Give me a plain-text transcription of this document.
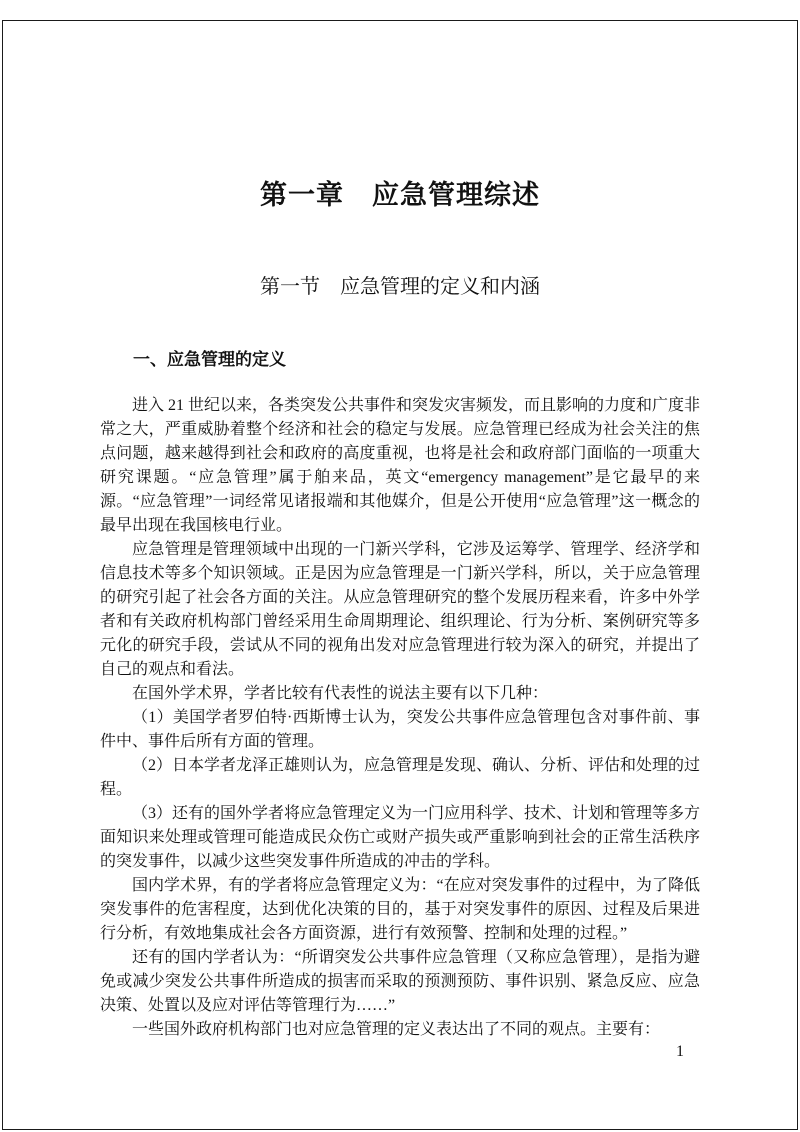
第一章　应急管理综述
第一节　应急管理的定义和内涵
一、应急管理的定义

进入 21 世纪以来，各类突发公共事件和突发灾害频发，而且影响的力度和广度非常之大，严重威胁着整个经济和社会的稳定与发展。应急管理已经成为社会关注的焦点问题，越来越得到社会和政府的高度重视，也将是社会和政府部门面临的一项重大研究课题。“应急管理”属于舶来品，英文“emergency management”是它最早的来源。“应急管理”一词经常见诸报端和其他媒介，但是公开使用“应急管理”这一概念的最早出现在我国核电行业。

应急管理是管理领域中出现的一门新兴学科，它涉及运筹学、管理学、经济学和信息技术等多个知识领域。正是因为应急管理是一门新兴学科，所以，关于应急管理的研究引起了社会各方面的关注。从应急管理研究的整个发展历程来看，许多中外学者和有关政府机构部门曾经采用生命周期理论、组织理论、行为分析、案例研究等多元化的研究手段，尝试从不同的视角出发对应急管理进行较为深入的研究，并提出了自己的观点和看法。

在国外学术界，学者比较有代表性的说法主要有以下几种：

（1）美国学者罗伯特·西斯博士认为，突发公共事件应急管理包含对事件前、事件中、事件后所有方面的管理。

（2）日本学者龙泽正雄则认为，应急管理是发现、确认、分析、评估和处理的过程。

（3）还有的国外学者将应急管理定义为一门应用科学、技术、计划和管理等多方面知识来处理或管理可能造成民众伤亡或财产损失或严重影响到社会的正常生活秩序的突发事件，以减少这些突发事件所造成的冲击的学科。

国内学术界，有的学者将应急管理定义为：“在应对突发事件的过程中，为了降低突发事件的危害程度，达到优化决策的目的，基于对突发事件的原因、过程及后果进行分析，有效地集成社会各方面资源，进行有效预警、控制和处理的过程。”

还有的国内学者认为：“所谓突发公共事件应急管理（又称应急管理），是指为避免或减少突发公共事件所造成的损害而采取的预测预防、事件识别、紧急反应、应急决策、处置以及应对评估等管理行为……”

一些国外政府机构部门也对应急管理的定义表达出了不同的观点。主要有：

1
